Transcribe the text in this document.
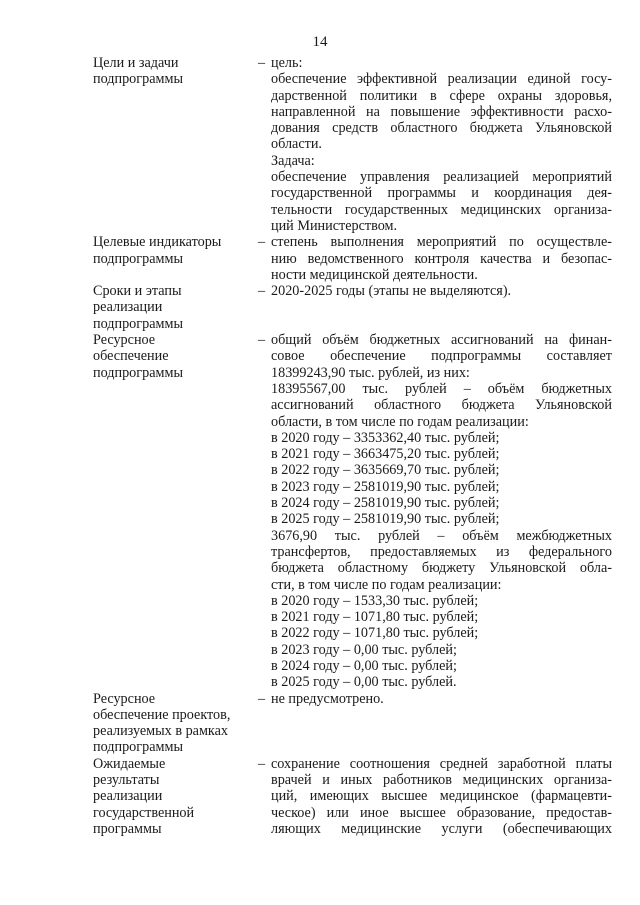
14
Цели и задачи
подпрограммы
– цель:
обеспечение эффективной реализации единой госу-
дарственной политики в сфере охраны здоровья,
направленной на повышение эффективности расхо-
дования средств областного бюджета Ульяновской
области.
Задача:
обеспечение управления реализацией мероприятий
государственной программы и координация дея-
тельности государственных медицинских организа-
ций Министерством.
Целевые индикаторы
подпрограммы
– степень выполнения мероприятий по осуществле-
нию ведомственного контроля качества и безопас-
ности медицинской деятельности.
Сроки и этапы
реализации
подпрограммы
– 2020-2025 годы (этапы не выделяются).
Ресурсное
обеспечение
подпрограммы
– общий объём бюджетных ассигнований на финан-
совое обеспечение подпрограммы составляет
18399243,90 тыс. рублей, из них:
18395567,00 тыс. рублей – объём бюджетных
ассигнований областного бюджета Ульяновской
области, в том числе по годам реализации:
в 2020 году – 3353362,40 тыс. рублей;
в 2021 году – 3663475,20 тыс. рублей;
в 2022 году – 3635669,70 тыс. рублей;
в 2023 году – 2581019,90 тыс. рублей;
в 2024 году – 2581019,90 тыс. рублей;
в 2025 году – 2581019,90 тыс. рублей;
3676,90 тыс. рублей – объём межбюджетных
трансфертов, предоставляемых из федерального
бюджета областному бюджету Ульяновской обла-
сти, в том числе по годам реализации:
в 2020 году – 1533,30 тыс. рублей;
в 2021 году – 1071,80 тыс. рублей;
в 2022 году – 1071,80 тыс. рублей;
в 2023 году – 0,00 тыс. рублей;
в 2024 году – 0,00 тыс. рублей;
в 2025 году – 0,00 тыс. рублей.
Ресурсное
обеспечение проектов,
реализуемых в рамках
подпрограммы
– не предусмотрено.
Ожидаемые
результаты
реализации
государственной
программы
– сохранение соотношения средней заработной платы
врачей и иных работников медицинских организа-
ций, имеющих высшее медицинское (фармацевти-
ческое) или иное высшее образование, предостав-
ляющих медицинские услуги (обеспечивающих
